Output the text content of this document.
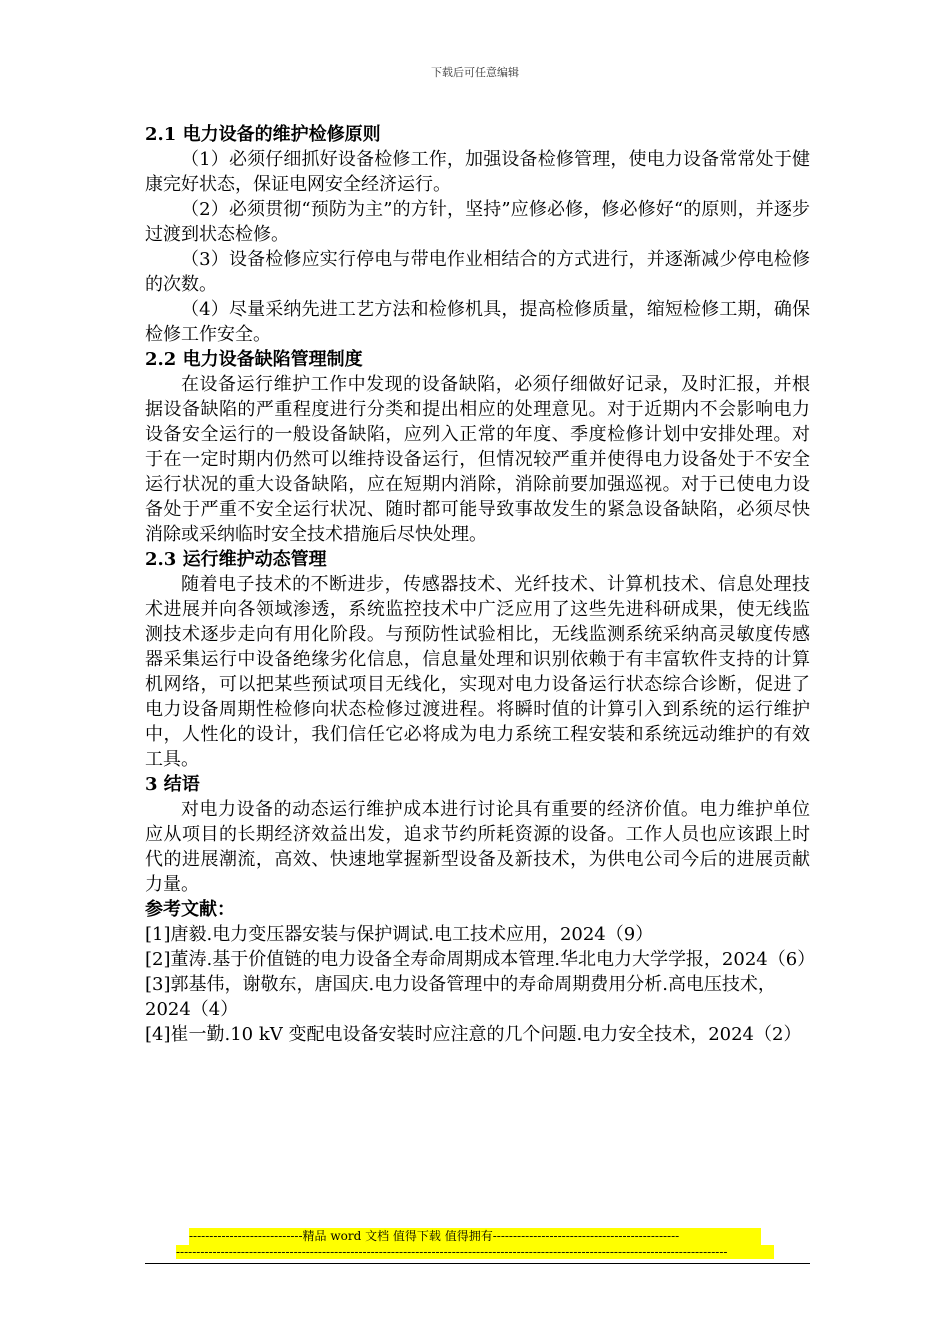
下载后可任意编辑

2.1 电力设备的维护检修原则

（1）必须仔细抓好设备检修工作，加强设备检修管理，使电力设备常常处于健康完好状态，保证电网安全经济运行。

（2）必须贯彻“预防为主”的方针，坚持”应修必修，修必修好“的原则，并逐步过渡到状态检修。

（3）设备检修应实行停电与带电作业相结合的方式进行，并逐渐减少停电检修的次数。

（4）尽量采纳先进工艺方法和检修机具，提高检修质量，缩短检修工期，确保检修工作安全。

2.2 电力设备缺陷管理制度

在设备运行维护工作中发现的设备缺陷，必须仔细做好记录，及时汇报，并根据设备缺陷的严重程度进行分类和提出相应的处理意见。对于近期内不会影响电力设备安全运行的一般设备缺陷，应列入正常的年度、季度检修计划中安排处理。对于在一定时期内仍然可以维持设备运行，但情况较严重并使得电力设备处于不安全运行状况的重大设备缺陷，应在短期内消除，消除前要加强巡视。对于已使电力设备处于严重不安全运行状况、随时都可能导致事故发生的紧急设备缺陷，必须尽快消除或采纳临时安全技术措施后尽快处理。

2.3 运行维护动态管理

随着电子技术的不断进步，传感器技术、光纤技术、计算机技术、信息处理技术进展并向各领域渗透，系统监控技术中广泛应用了这些先进科研成果，使无线监测技术逐步走向有用化阶段。与预防性试验相比，无线监测系统采纳高灵敏度传感器采集运行中设备绝缘劣化信息，信息量处理和识别依赖于有丰富软件支持的计算机网络，可以把某些预试项目无线化，实现对电力设备运行状态综合诊断，促进了电力设备周期性检修向状态检修过渡进程。将瞬时值的计算引入到系统的运行维护中，人性化的设计，我们信任它必将成为电力系统工程安装和系统远动维护的有效工具。

3 结语

对电力设备的动态运行维护成本进行讨论具有重要的经济价值。电力维护单位应从项目的长期经济效益出发，追求节约所耗资源的设备。工作人员也应该跟上时代的进展潮流，高效、快速地掌握新型设备及新技术，为供电公司今后的进展贡献力量。

参考文献：

[1]唐毅.电力变压器安装与保护调试.电工技术应用，2024（9）

[2]董涛.基于价值链的电力设备全寿命周期成本管理.华北电力大学学报，2024（6）

[3]郭基伟，谢敬东，唐国庆.电力设备管理中的寿命周期费用分析.高电压技术，2024（4）

[4]崔一勤.10 kV 变配电设备安装时应注意的几个问题.电力安全技术，2024（2）

----------------------------精品 word 文档 值得下载 值得拥有----------------------------------------------
----------------------------------------------------------------------------------------------------------------------------------------
